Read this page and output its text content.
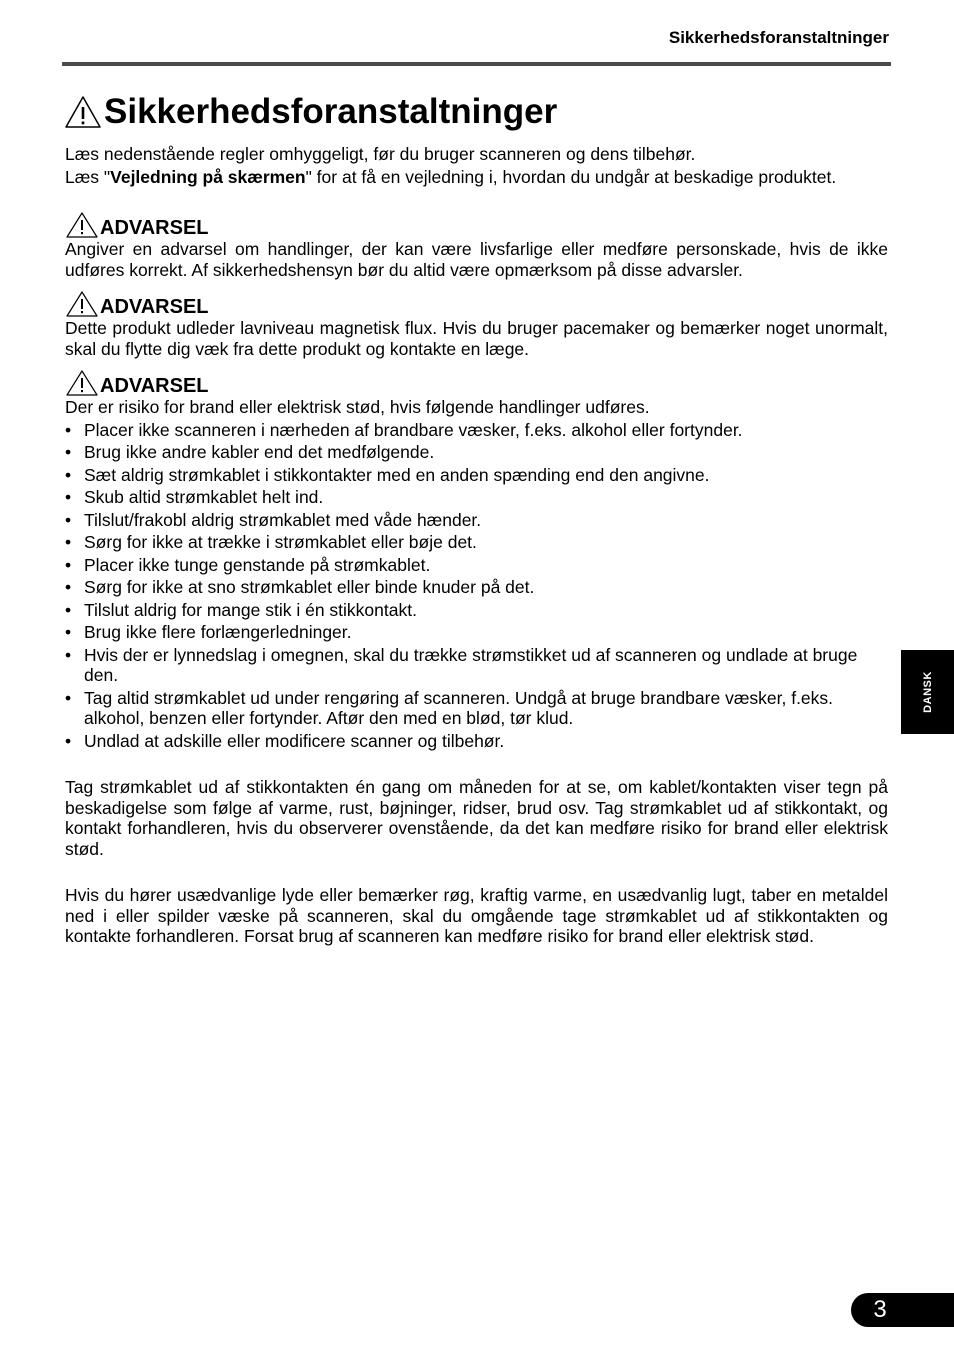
Sikkerhedsforanstaltninger
Sikkerhedsforanstaltninger

Læs nedenstående regler omhyggeligt, før du bruger scanneren og dens tilbehør.

Læs "Vejledning på skærmen" for at få en vejledning i, hvordan du undgår at beskadige produktet.

ADVARSEL

Angiver en advarsel om handlinger, der kan være livsfarlige eller medføre personskade, hvis de ikke udføres korrekt. Af sikkerhedshensyn bør du altid være opmærksom på disse advarsler.

ADVARSEL

Dette produkt udleder lavniveau magnetisk flux. Hvis du bruger pacemaker og bemærker noget unormalt, skal du flytte dig væk fra dette produkt og kontakte en læge.

ADVARSEL

Der er risiko for brand eller elektrisk stød, hvis følgende handlinger udføres.

• Placer ikke scanneren i nærheden af brandbare væsker, f.eks. alkohol eller fortynder.
• Brug ikke andre kabler end det medfølgende.
• Sæt aldrig strømkablet i stikkontakter med en anden spænding end den angivne.
• Skub altid strømkablet helt ind.
• Tilslut/frakobl aldrig strømkablet med våde hænder.
• Sørg for ikke at trække i strømkablet eller bøje det.
• Placer ikke tunge genstande på strømkablet.
• Sørg for ikke at sno strømkablet eller binde knuder på det.
• Tilslut aldrig for mange stik i én stikkontakt.
• Brug ikke flere forlængerledninger.
• Hvis der er lynnedslag i omegnen, skal du trække strømstikket ud af scanneren og undlade at bruge den.
• Tag altid strømkablet ud under rengøring af scanneren. Undgå at bruge brandbare væsker, f.eks. alkohol, benzen eller fortynder. Aftør den med en blød, tør klud.
• Undlad at adskille eller modificere scanner og tilbehør.

Tag strømkablet ud af stikkontakten én gang om måneden for at se, om kablet/kontakten viser tegn på beskadigelse som følge af varme, rust, bøjninger, ridser, brud osv. Tag strømkablet ud af stikkontakt, og kontakt forhandleren, hvis du observerer ovenstående, da det kan medføre risiko for brand eller elektrisk stød.

Hvis du hører usædvanlige lyde eller bemærker røg, kraftig varme, en usædvanlig lugt, taber en metaldel ned i eller spilder væske på scanneren, skal du omgående tage strømkablet ud af stikkontakten og kontakte forhandleren. Forsat brug af scanneren kan medføre risiko for brand eller elektrisk stød.

DANSK
3
